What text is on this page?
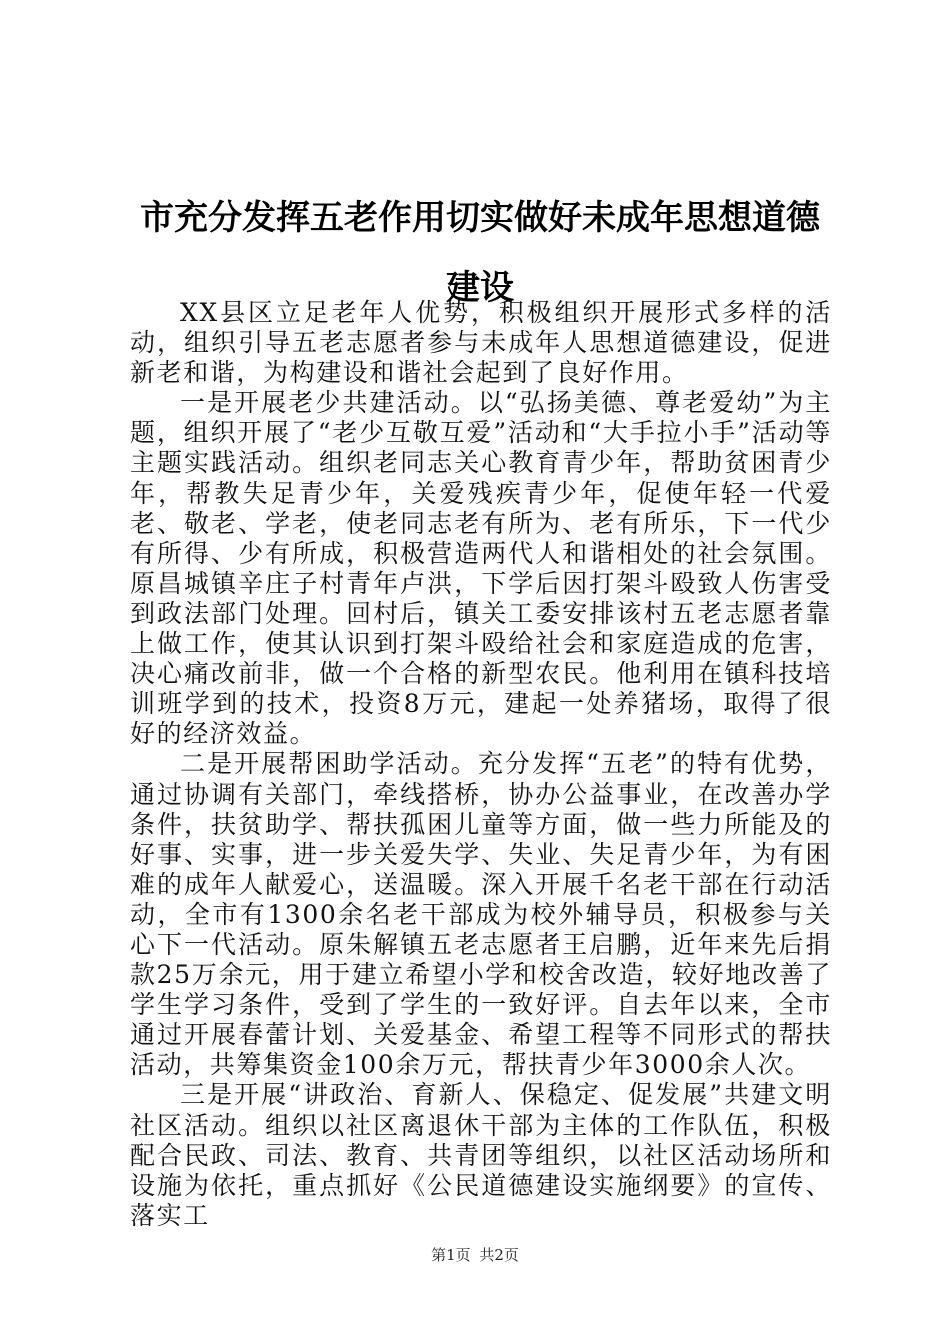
市充分发挥五老作用切实做好未成年思想道德
建设

XX县区立足老年人优势，积极组织开展形式多样的活动，组织引导五老志愿者参与未成年人思想道德建设，促进新老和谐，为构建设和谐社会起到了良好作用。

一是开展老少共建活动。以“弘扬美德、尊老爱幼”为主题，组织开展了“老少互敬互爱”活动和“大手拉小手”活动等主题实践活动。组织老同志关心教育青少年，帮助贫困青少年，帮教失足青少年，关爱残疾青少年，促使年轻一代爱老、敬老、学老，使老同志老有所为、老有所乐，下一代少有所得、少有所成，积极营造两代人和谐相处的社会氛围。原昌城镇辛庄子村青年卢洪，下学后因打架斗殴致人伤害受到政法部门处理。回村后，镇关工委安排该村五老志愿者靠上做工作，使其认识到打架斗殴给社会和家庭造成的危害，决心痛改前非，做一个合格的新型农民。他利用在镇科技培训班学到的技术，投资8万元，建起一处养猪场，取得了很好的经济效益。

二是开展帮困助学活动。充分发挥“五老”的特有优势，通过协调有关部门，牵线搭桥，协办公益事业，在改善办学条件，扶贫助学、帮扶孤困儿童等方面，做一些力所能及的好事、实事，进一步关爱失学、失业、失足青少年，为有困难的成年人献爱心，送温暖。深入开展千名老干部在行动活动，全市有1300余名老干部成为校外辅导员，积极参与关心下一代活动。原朱解镇五老志愿者王启鹏，近年来先后捐款25万余元，用于建立希望小学和校舍改造，较好地改善了学生学习条件，受到了学生的一致好评。自去年以来，全市通过开展春蕾计划、关爱基金、希望工程等不同形式的帮扶活动，共筹集资金100余万元，帮扶青少年3000余人次。

三是开展“讲政治、育新人、保稳定、促发展”共建文明社区活动。组织以社区离退休干部为主体的工作队伍，积极配合民政、司法、教育、共青团等组织，以社区活动场所和设施为依托，重点抓好《公民道德建设实施纲要》的宣传、落实工

第1页 共2页
